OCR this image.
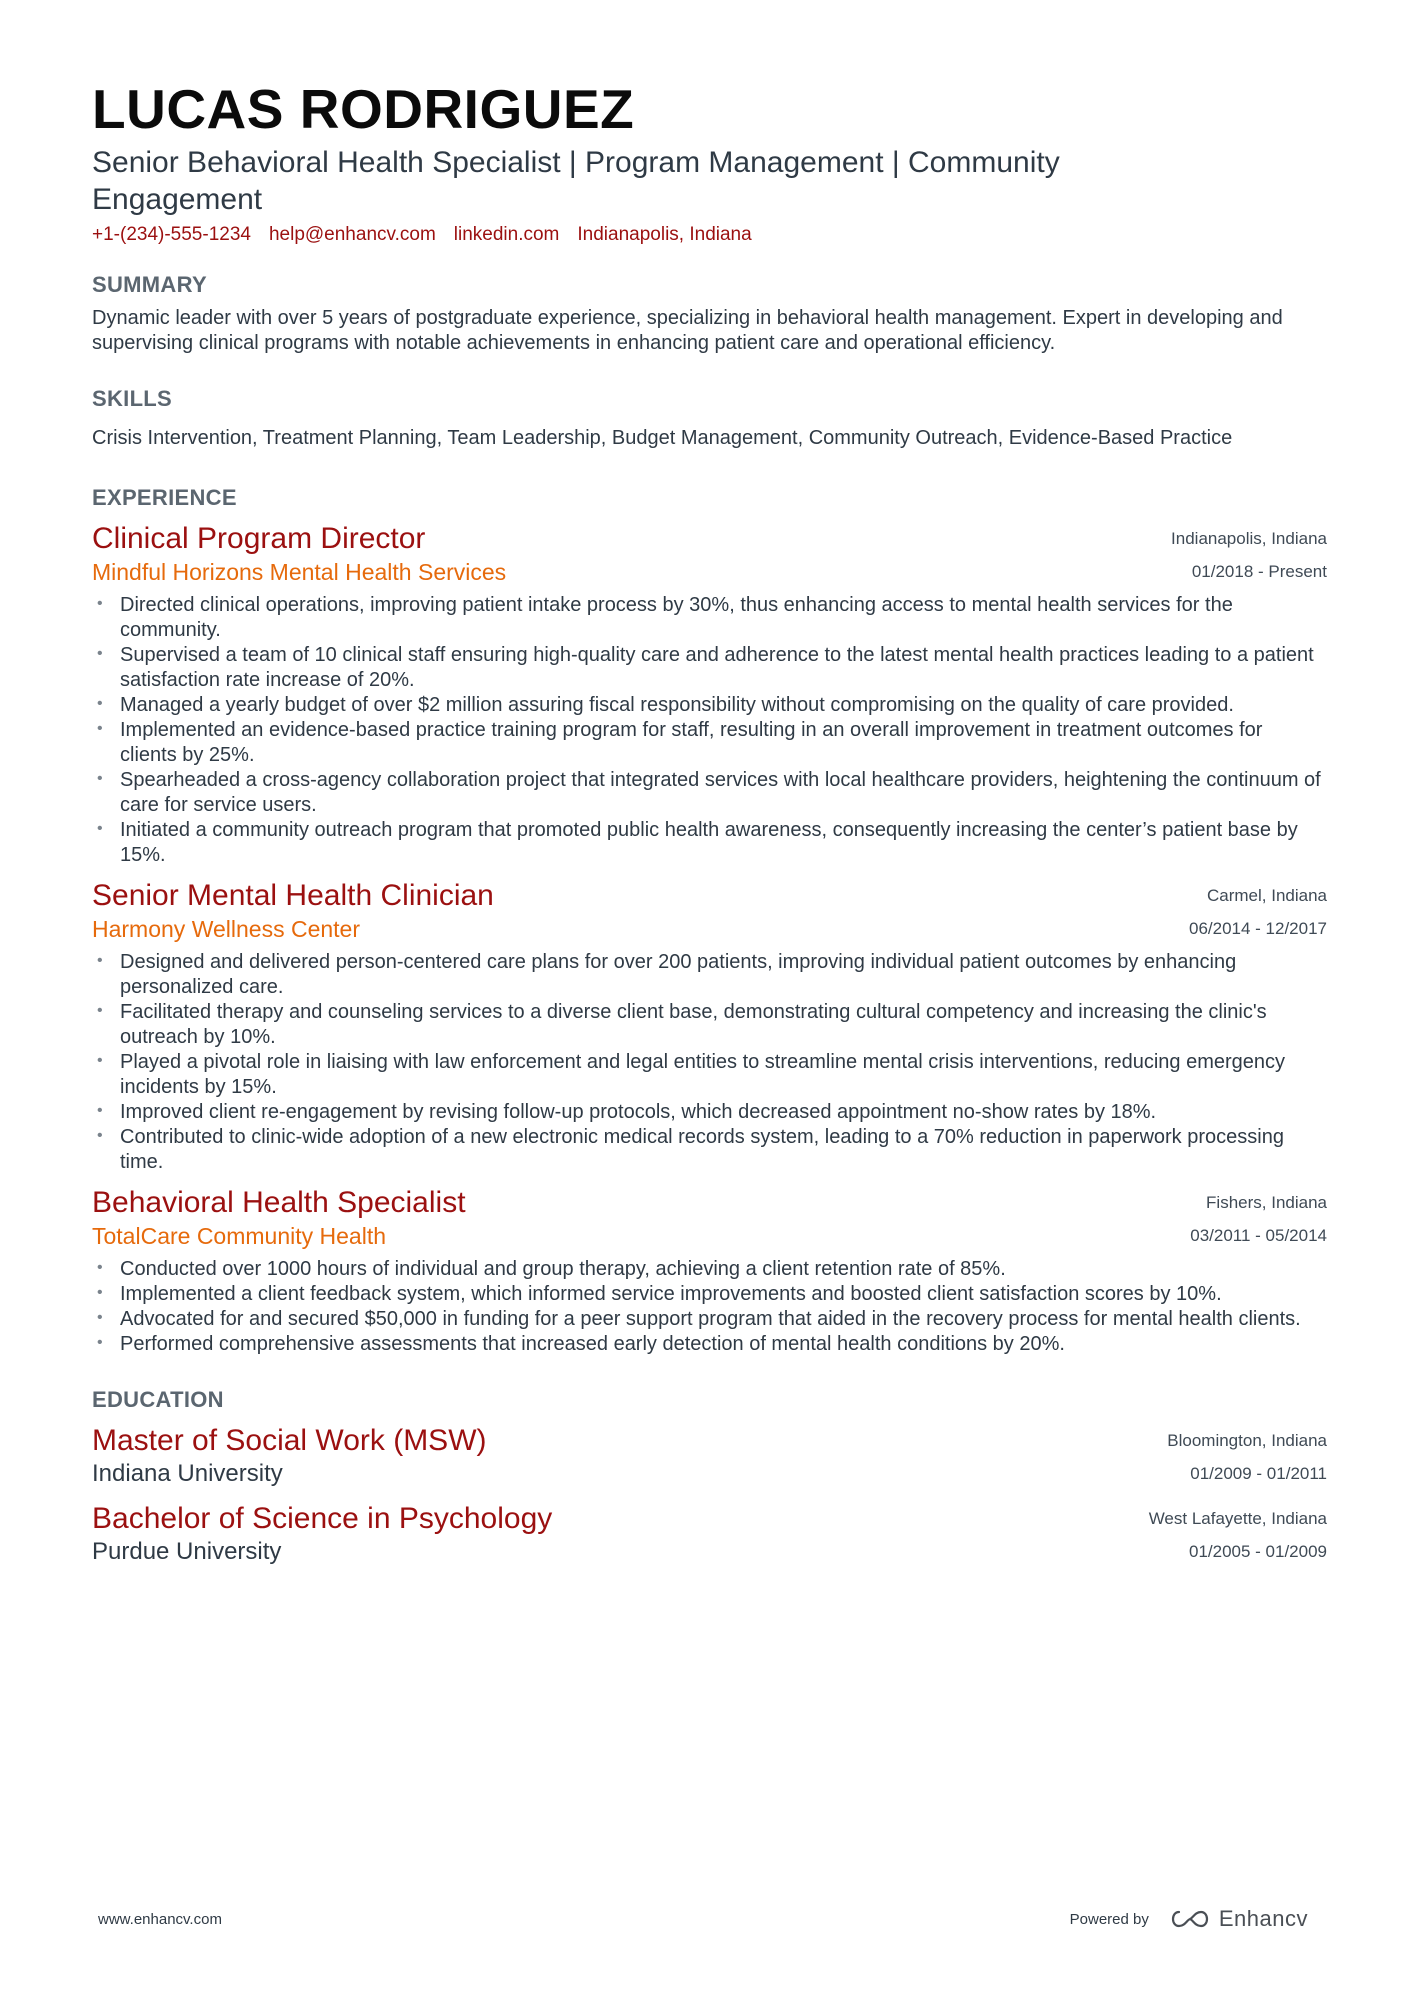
LUCAS RODRIGUEZ
Senior Behavioral Health Specialist | Program Management | Community Engagement
+1-(234)-555-1234 help@enhancv.com linkedin.com Indianapolis, Indiana
SUMMARY
Dynamic leader with over 5 years of postgraduate experience, specializing in behavioral health management. Expert in developing and supervising clinical programs with notable achievements in enhancing patient care and operational efficiency.
SKILLS
Crisis Intervention, Treatment Planning, Team Leadership, Budget Management, Community Outreach, Evidence-Based Practice
EXPERIENCE
Clinical Program Director
Mindful Horizons Mental Health Services
Indianapolis, Indiana
01/2018 - Present
• Directed clinical operations, improving patient intake process by 30%, thus enhancing access to mental health services for the community.
• Supervised a team of 10 clinical staff ensuring high-quality care and adherence to the latest mental health practices leading to a patient satisfaction rate increase of 20%.
• Managed a yearly budget of over $2 million assuring fiscal responsibility without compromising on the quality of care provided.
• Implemented an evidence-based practice training program for staff, resulting in an overall improvement in treatment outcomes for clients by 25%.
• Spearheaded a cross-agency collaboration project that integrated services with local healthcare providers, heightening the continuum of care for service users.
• Initiated a community outreach program that promoted public health awareness, consequently increasing the center’s patient base by 15%.
Senior Mental Health Clinician
Harmony Wellness Center
Carmel, Indiana
06/2014 - 12/2017
• Designed and delivered person-centered care plans for over 200 patients, improving individual patient outcomes by enhancing personalized care.
• Facilitated therapy and counseling services to a diverse client base, demonstrating cultural competency and increasing the clinic's outreach by 10%.
• Played a pivotal role in liaising with law enforcement and legal entities to streamline mental crisis interventions, reducing emergency incidents by 15%.
• Improved client re-engagement by revising follow-up protocols, which decreased appointment no-show rates by 18%.
• Contributed to clinic-wide adoption of a new electronic medical records system, leading to a 70% reduction in paperwork processing time.
Behavioral Health Specialist
TotalCare Community Health
Fishers, Indiana
03/2011 - 05/2014
• Conducted over 1000 hours of individual and group therapy, achieving a client retention rate of 85%.
• Implemented a client feedback system, which informed service improvements and boosted client satisfaction scores by 10%.
• Advocated for and secured $50,000 in funding for a peer support program that aided in the recovery process for mental health clients.
• Performed comprehensive assessments that increased early detection of mental health conditions by 20%.
EDUCATION
Master of Social Work (MSW)
Indiana University
Bloomington, Indiana
01/2009 - 01/2011
Bachelor of Science in Psychology
Purdue University
West Lafayette, Indiana
01/2005 - 01/2009
www.enhancv.com	Powered by	Enhancv
